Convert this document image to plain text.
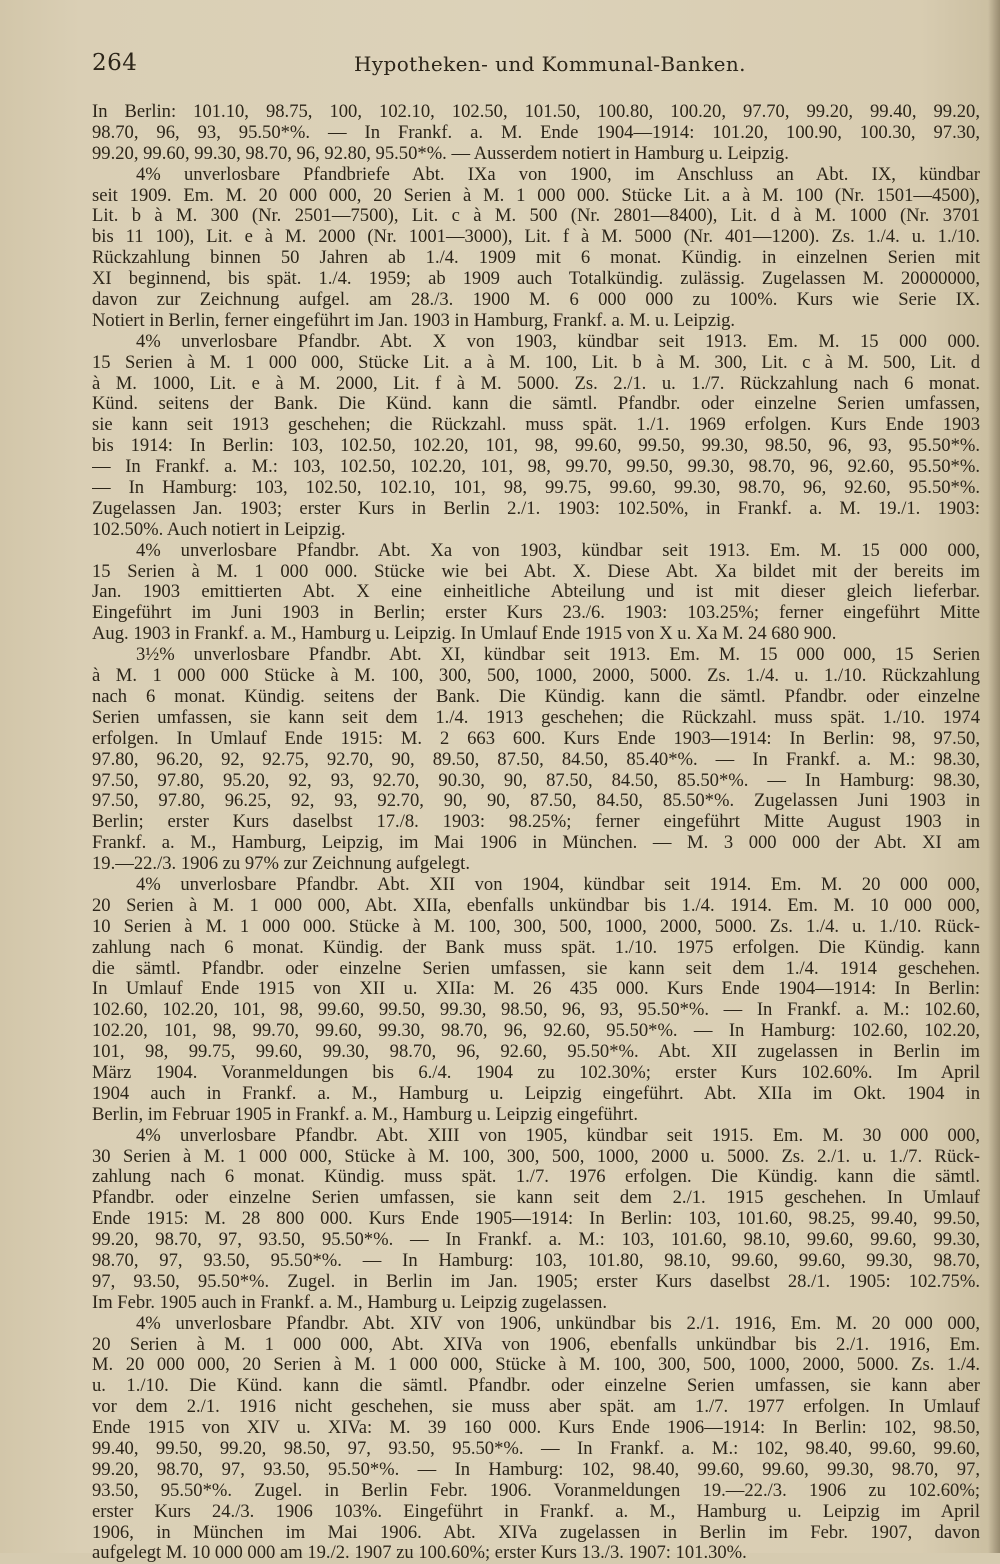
264	Hypotheken- und Kommunal-Banken.
In Berlin: 101.10, 98.75, 100, 102.10, 102.50, 101.50, 100.80, 100.20, 97.70, 99.20, 99.40, 99.20,
98.70, 96, 93, 95.50*%. — In Frankf. a. M. Ende 1904—1914: 101.20, 100.90, 100.30, 97.30,
99.20, 99.60, 99.30, 98.70, 96, 92.80, 95.50*%. — Ausserdem notiert in Hamburg u. Leipzig.
4% unverlosbare Pfandbriefe Abt. IXa von 1900, im Anschluss an Abt. IX, kündbar
seit 1909. Em. M. 20 000 000, 20 Serien à M. 1 000 000. Stücke Lit. a à M. 100 (Nr. 1501—4500),
Lit. b à M. 300 (Nr. 2501—7500), Lit. c à M. 500 (Nr. 2801—8400), Lit. d à M. 1000 (Nr. 3701
bis 11 100), Lit. e à M. 2000 (Nr. 1001—3000), Lit. f à M. 5000 (Nr. 401—1200). Zs. 1./4. u. 1./10.
Rückzahlung binnen 50 Jahren ab 1./4. 1909 mit 6 monat. Kündig. in einzelnen Serien mit
XI beginnend, bis spät. 1./4. 1959; ab 1909 auch Totalkündig. zulässig. Zugelassen M. 20000000,
davon zur Zeichnung aufgel. am 28./3. 1900 M. 6 000 000 zu 100%. Kurs wie Serie IX.
Notiert in Berlin, ferner eingeführt im Jan. 1903 in Hamburg, Frankf. a. M. u. Leipzig.
4% unverlosbare Pfandbr. Abt. X von 1903, kündbar seit 1913. Em. M. 15 000 000.
15 Serien à M. 1 000 000, Stücke Lit. a à M. 100, Lit. b à M. 300, Lit. c à M. 500, Lit. d
à M. 1000, Lit. e à M. 2000, Lit. f à M. 5000. Zs. 2./1. u. 1./7. Rückzahlung nach 6 monat.
Künd. seitens der Bank. Die Künd. kann die sämtl. Pfandbr. oder einzelne Serien umfassen,
sie kann seit 1913 geschehen; die Rückzahl. muss spät. 1./1. 1969 erfolgen. Kurs Ende 1903
bis 1914: In Berlin: 103, 102.50, 102.20, 101, 98, 99.60, 99.50, 99.30, 98.50, 96, 93, 95.50*%.
— In Frankf. a. M.: 103, 102.50, 102.20, 101, 98, 99.70, 99.50, 99.30, 98.70, 96, 92.60, 95.50*%.
— In Hamburg: 103, 102.50, 102.10, 101, 98, 99.75, 99.60, 99.30, 98.70, 96, 92.60, 95.50*%.
Zugelassen Jan. 1903; erster Kurs in Berlin 2./1. 1903: 102.50%, in Frankf. a. M. 19./1. 1903:
102.50%. Auch notiert in Leipzig.
4% unverlosbare Pfandbr. Abt. Xa von 1903, kündbar seit 1913. Em. M. 15 000 000,
15 Serien à M. 1 000 000. Stücke wie bei Abt. X. Diese Abt. Xa bildet mit der bereits im
Jan. 1903 emittierten Abt. X eine einheitliche Abteilung und ist mit dieser gleich lieferbar.
Eingeführt im Juni 1903 in Berlin; erster Kurs 23./6. 1903: 103.25%; ferner eingeführt Mitte
Aug. 1903 in Frankf. a. M., Hamburg u. Leipzig. In Umlauf Ende 1915 von X u. Xa M. 24 680 900.
3½% unverlosbare Pfandbr. Abt. XI, kündbar seit 1913. Em. M. 15 000 000, 15 Serien
à M. 1 000 000 Stücke à M. 100, 300, 500, 1000, 2000, 5000. Zs. 1./4. u. 1./10. Rückzahlung
nach 6 monat. Kündig. seitens der Bank. Die Kündig. kann die sämtl. Pfandbr. oder einzelne
Serien umfassen, sie kann seit dem 1./4. 1913 geschehen; die Rückzahl. muss spät. 1./10. 1974
erfolgen. In Umlauf Ende 1915: M. 2 663 600. Kurs Ende 1903—1914: In Berlin: 98, 97.50,
97.80, 96.20, 92, 92.75, 92.70, 90, 89.50, 87.50, 84.50, 85.40*%. — In Frankf. a. M.: 98.30,
97.50, 97.80, 95.20, 92, 93, 92.70, 90.30, 90, 87.50, 84.50, 85.50*%. — In Hamburg: 98.30,
97.50, 97.80, 96.25, 92, 93, 92.70, 90, 90, 87.50, 84.50, 85.50*%. Zugelassen Juni 1903 in
Berlin; erster Kurs daselbst 17./8. 1903: 98.25%; ferner eingeführt Mitte August 1903 in
Frankf. a. M., Hamburg, Leipzig, im Mai 1906 in München. — M. 3 000 000 der Abt. XI am
19.—22./3. 1906 zu 97% zur Zeichnung aufgelegt.
4% unverlosbare Pfandbr. Abt. XII von 1904, kündbar seit 1914. Em. M. 20 000 000,
20 Serien à M. 1 000 000, Abt. XIIa, ebenfalls unkündbar bis 1./4. 1914. Em. M. 10 000 000,
10 Serien à M. 1 000 000. Stücke à M. 100, 300, 500, 1000, 2000, 5000. Zs. 1./4. u. 1./10. Rück-
zahlung nach 6 monat. Kündig. der Bank muss spät. 1./10. 1975 erfolgen. Die Kündig. kann
die sämtl. Pfandbr. oder einzelne Serien umfassen, sie kann seit dem 1./4. 1914 geschehen.
In Umlauf Ende 1915 von XII u. XIIa: M. 26 435 000. Kurs Ende 1904—1914: In Berlin:
102.60, 102.20, 101, 98, 99.60, 99.50, 99.30, 98.50, 96, 93, 95.50*%. — In Frankf. a. M.: 102.60,
102.20, 101, 98, 99.70, 99.60, 99.30, 98.70, 96, 92.60, 95.50*%. — In Hamburg: 102.60, 102.20,
101, 98, 99.75, 99.60, 99.30, 98.70, 96, 92.60, 95.50*%. Abt. XII zugelassen in Berlin im
März 1904. Voranmeldungen bis 6./4. 1904 zu 102.30%; erster Kurs 102.60%. Im April
1904 auch in Frankf. a. M., Hamburg u. Leipzig eingeführt. Abt. XIIa im Okt. 1904 in
Berlin, im Februar 1905 in Frankf. a. M., Hamburg u. Leipzig eingeführt.
4% unverlosbare Pfandbr. Abt. XIII von 1905, kündbar seit 1915. Em. M. 30 000 000,
30 Serien à M. 1 000 000, Stücke à M. 100, 300, 500, 1000, 2000 u. 5000. Zs. 2./1. u. 1./7. Rück-
zahlung nach 6 monat. Kündig. muss spät. 1./7. 1976 erfolgen. Die Kündig. kann die sämtl.
Pfandbr. oder einzelne Serien umfassen, sie kann seit dem 2./1. 1915 geschehen. In Umlauf
Ende 1915: M. 28 800 000. Kurs Ende 1905—1914: In Berlin: 103, 101.60, 98.25, 99.40, 99.50,
99.20, 98.70, 97, 93.50, 95.50*%. — In Frankf. a. M.: 103, 101.60, 98.10, 99.60, 99.60, 99.30,
98.70, 97, 93.50, 95.50*%. — In Hamburg: 103, 101.80, 98.10, 99.60, 99.60, 99.30, 98.70,
97, 93.50, 95.50*%. Zugel. in Berlin im Jan. 1905; erster Kurs daselbst 28./1. 1905: 102.75%.
Im Febr. 1905 auch in Frankf. a. M., Hamburg u. Leipzig zugelassen.
4% unverlosbare Pfandbr. Abt. XIV von 1906, unkündbar bis 2./1. 1916, Em. M. 20 000 000,
20 Serien à M. 1 000 000, Abt. XIVa von 1906, ebenfalls unkündbar bis 2./1. 1916, Em.
M. 20 000 000, 20 Serien à M. 1 000 000, Stücke à M. 100, 300, 500, 1000, 2000, 5000. Zs. 1./4.
u. 1./10. Die Künd. kann die sämtl. Pfandbr. oder einzelne Serien umfassen, sie kann aber
vor dem 2./1. 1916 nicht geschehen, sie muss aber spät. am 1./7. 1977 erfolgen. In Umlauf
Ende 1915 von XIV u. XIVa: M. 39 160 000. Kurs Ende 1906—1914: In Berlin: 102, 98.50,
99.40, 99.50, 99.20, 98.50, 97, 93.50, 95.50*%. — In Frankf. a. M.: 102, 98.40, 99.60, 99.60,
99.20, 98.70, 97, 93.50, 95.50*%. — In Hamburg: 102, 98.40, 99.60, 99.60, 99.30, 98.70, 97,
93.50, 95.50*%. Zugel. in Berlin Febr. 1906. Voranmeldungen 19.—22./3. 1906 zu 102.60%;
erster Kurs 24./3. 1906 103%. Eingeführt in Frankf. a. M., Hamburg u. Leipzig im April
1906, in München im Mai 1906. Abt. XIVa zugelassen in Berlin im Febr. 1907, davon
aufgelegt M. 10 000 000 am 19./2. 1907 zu 100.60%; erster Kurs 13./3. 1907: 101.30%.
